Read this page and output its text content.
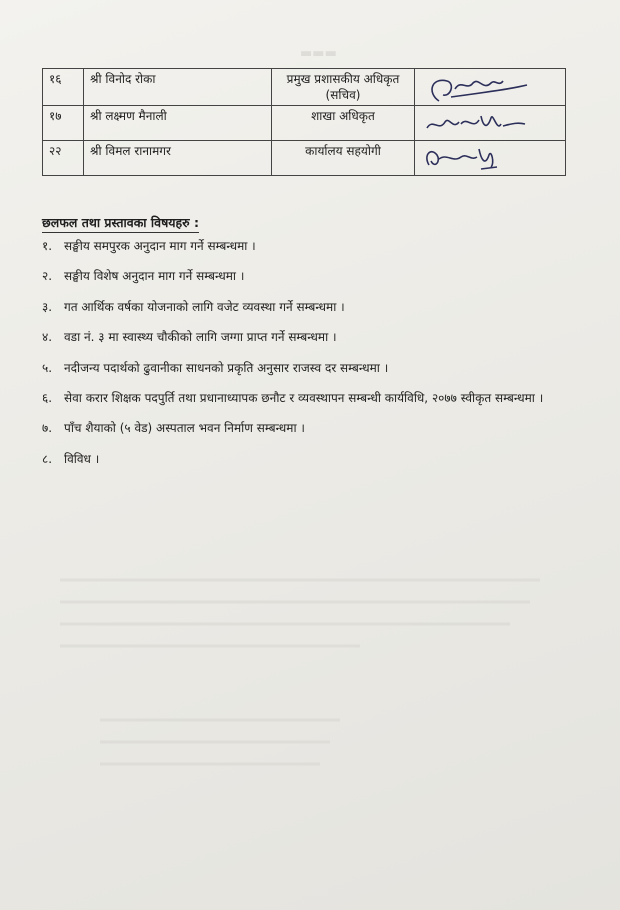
▬▬▬
१६	श्री विनोद रोका	प्रमुख प्रशासकीय अधिकृत
(सचिव)

१७	श्री लक्ष्मण मैनाली	शाखा अधिकृत

२२	श्री विमल रानामगर	कार्यालय सहयोगी

छलफल तथा प्रस्तावका विषयहरु :
१. सङ्घीय समपुरक अनुदान माग गर्ने सम्बन्धमा ।
२. सङ्घीय विशेष अनुदान माग गर्ने सम्बन्धमा ।
३. गत आर्थिक वर्षका योजनाको लागि वजेट व्यवस्था गर्ने सम्बन्धमा ।
४. वडा नं. ३ मा स्वास्थ्य चौकीको लागि जग्गा प्राप्त गर्ने सम्बन्धमा ।
५. नदीजन्य पदार्थको ढुवानीका साधनको प्रकृति अनुसार राजस्व दर सम्बन्धमा ।
६. सेवा करार शिक्षक पदपुर्ति तथा प्रधानाध्यापक छनौट र व्यवस्थापन सम्बन्धी कार्यविधि, २०७७ स्वीकृत सम्बन्धमा ।
७. पाँच शैयाको (५ वेड) अस्पताल भवन निर्माण सम्बन्धमा ।
८. विविध ।
